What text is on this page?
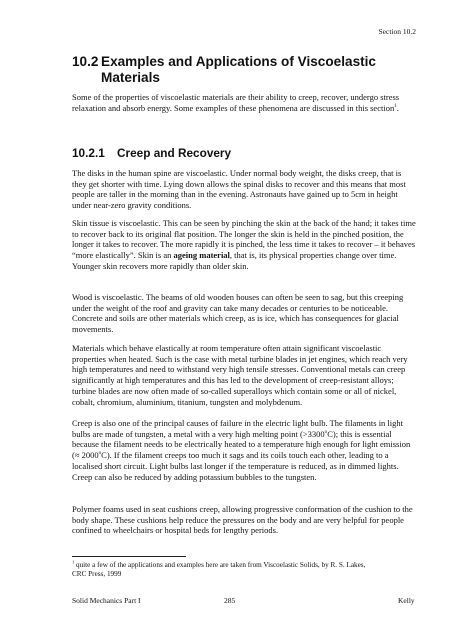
Section 10.2
10.2 Examples and Applications of Viscoelastic
Materials

Some of the properties of viscoelastic materials are their ability to creep, recover, undergo stress relaxation and absorb energy. Some examples of these phenomena are discussed in this section$^1$.

10.2.1 Creep and Recovery

The disks in the human spine are viscoelastic. Under normal body weight, the disks creep, that is they get shorter with time. Lying down allows the spinal disks to recover and this means that most people are taller in the morning than in the evening. Astronauts have gained up to 5cm in height under near-zero gravity conditions.

Skin tissue is viscoelastic. This can be seen by pinching the skin at the back of the hand; it takes time to recover back to its original flat position. The longer the skin is held in the pinched position, the longer it takes to recover. The more rapidly it is pinched, the less time it takes to recover – it behaves “more elastically”. Skin is an ageing material, that is, its physical properties change over time. Younger skin recovers more rapidly than older skin.

Wood is viscoelastic. The beams of old wooden houses can often be seen to sag, but this creeping under the weight of the roof and gravity can take many decades or centuries to be noticeable. Concrete and soils are other materials which creep, as is ice, which has consequences for glacial movements.

Materials which behave elastically at room temperature often attain significant viscoelastic properties when heated. Such is the case with metal turbine blades in jet engines, which reach very high temperatures and need to withstand very high tensile stresses. Conventional metals can creep significantly at high temperatures and this has led to the development of creep-resistant alloys; turbine blades are now often made of so-called superalloys which contain some or all of nickel, cobalt, chromium, aluminium, titanium, tungsten and molybdenum.

Creep is also one of the principal causes of failure in the electric light bulb. The filaments in light bulbs are made of tungsten, a metal with a very high melting point $(>3300^oC)$; this is essential because the filament needs to be electrically heated to a temperature high enough for light emission (≈ $2000^oC$). If the filament creeps too much it sags and its coils touch each other, leading to a localised short circuit. Light bulbs last longer if the temperature is reduced, as in dimmed lights. Creep can also be reduced by adding potassium bubbles to the tungsten.

Polymer foams used in seat cushions creep, allowing progressive conformation of the cushion to the body shape. These cushions help reduce the pressures on the body and are very helpful for people confined to wheelchairs or hospital beds for lengthy periods.

$^1$ quite a few of the applications and examples here are taken from Viscoelastic Solids, by R. S. Lakes, CRC Press, 1999

Solid Mechanics Part I	285	Kelly
